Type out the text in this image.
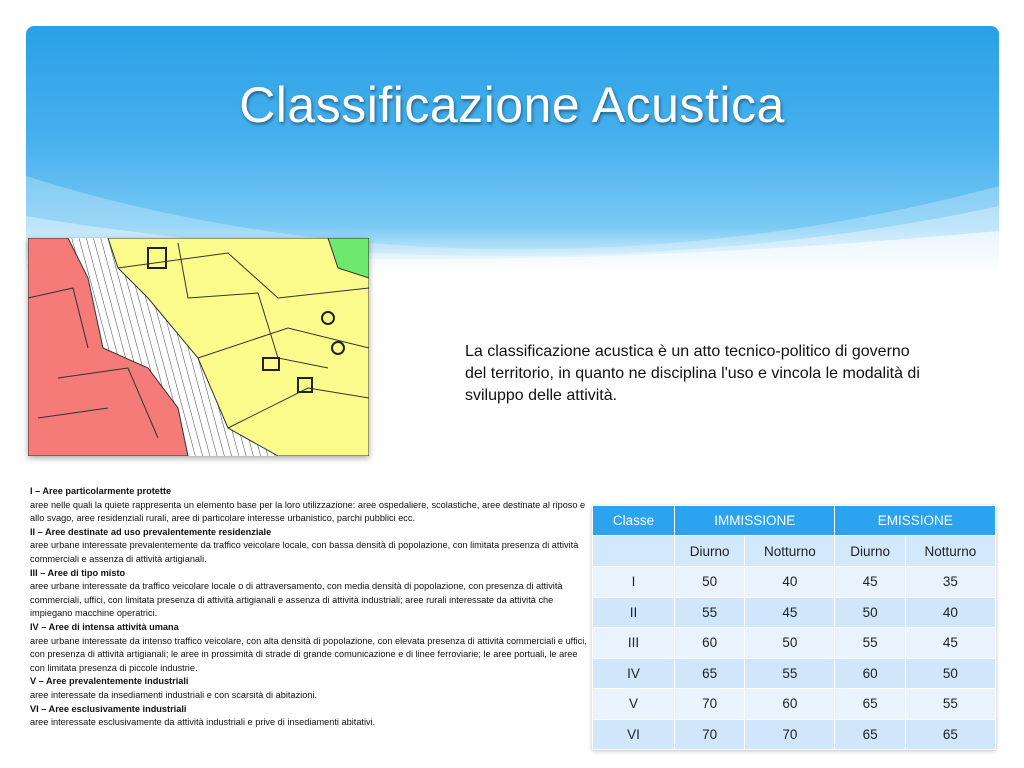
Classificazione Acustica
La classificazione acustica è un atto tecnico-politico di governo del territorio, in quanto ne disciplina l'uso e vincola le modalità di sviluppo delle attività.
I – Aree particolarmente protette
aree nelle quali la quiete rappresenta un elemento base per la loro utilizzazione: aree ospedaliere, scolastiche, aree destinate al riposo e allo svago, aree residenziali rurali, aree di particolare interesse urbanistico, parchi pubblici ecc.
II – Aree destinate ad uso prevalentemente residenziale
aree urbane interessate prevalentemente da traffico veicolare locale, con bassa densità di popolazione, con limitata presenza di attività commerciali e assenza di attività artigianali.
III – Aree di tipo misto
aree urbane interessate da traffico veicolare locale o di attraversamento, con media densità di popolazione, con presenza di attività commerciali, uffici, con limitata presenza di attività artigianali e assenza di attività industriali; aree rurali interessate da attività che impiegano macchine operatrici.
IV – Aree di intensa attività umana
aree urbane interessate da intenso traffico veicolare, con alta densità di popolazione, con elevata presenza di attività commerciali e uffici, con presenza di attività artigianali; le aree in prossimità di strade di grande comunicazione e di linee ferroviarie; le aree portuali, le aree con limitata presenza di piccole industrie.
V – Aree prevalentemente industriali
aree interessate da insediamenti industriali e con scarsità di abitazioni.
VI – Aree esclusivamente industriali
aree interessate esclusivamente da attività industriali e prive di insediamenti abitativi.
Classe	IMMISSIONE		EMISSIONE	
	Diurno	Notturno	Diurno	Notturno
I	50	40	45	35
II	55	45	50	40
III	60	50	55	45
IV	65	55	60	50
V	70	60	65	55
VI	70	70	65	65
